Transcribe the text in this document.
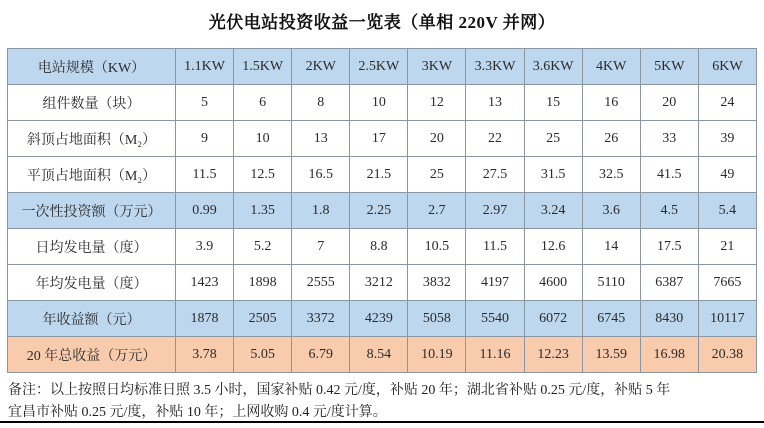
光伏电站投资收益一览表（单相 220V 并网）
电站规模（KW）	1.1KW	1.5KW	2KW	2.5KW	3KW	3.3KW	3.6KW	4KW	5KW	6KW
组件数量（块）	5	6	8	10	12	13	15	16	20	24
斜顶占地面积（M₂）	9	10	13	17	20	22	25	26	33	39
平顶占地面积（M₂）	11.5	12.5	16.5	21.5	25	27.5	31.5	32.5	41.5	49
一次性投资额（万元）	0.99	1.35	1.8	2.25	2.7	2.97	3.24	3.6	4.5	5.4
日均发电量（度）	3.9	5.2	7	8.8	10.5	11.5	12.6	14	17.5	21
年均发电量（度）	1423	1898	2555	3212	3832	4197	4600	5110	6387	7665
年收益额（元）	1878	2505	3372	4239	5058	5540	6072	6745	8430	10117
20 年总收益（万元）	3.78	5.05	6.79	8.54	10.19	11.16	12.23	13.59	16.98	20.38
备注：以上按照日均标准日照 3.5 小时，国家补贴 0.42 元/度，补贴 20 年；湖北省补贴 0.25 元/度，补贴 5 年
宜昌市补贴 0.25 元/度，补贴 10 年；上网收购 0.4 元/度计算。
